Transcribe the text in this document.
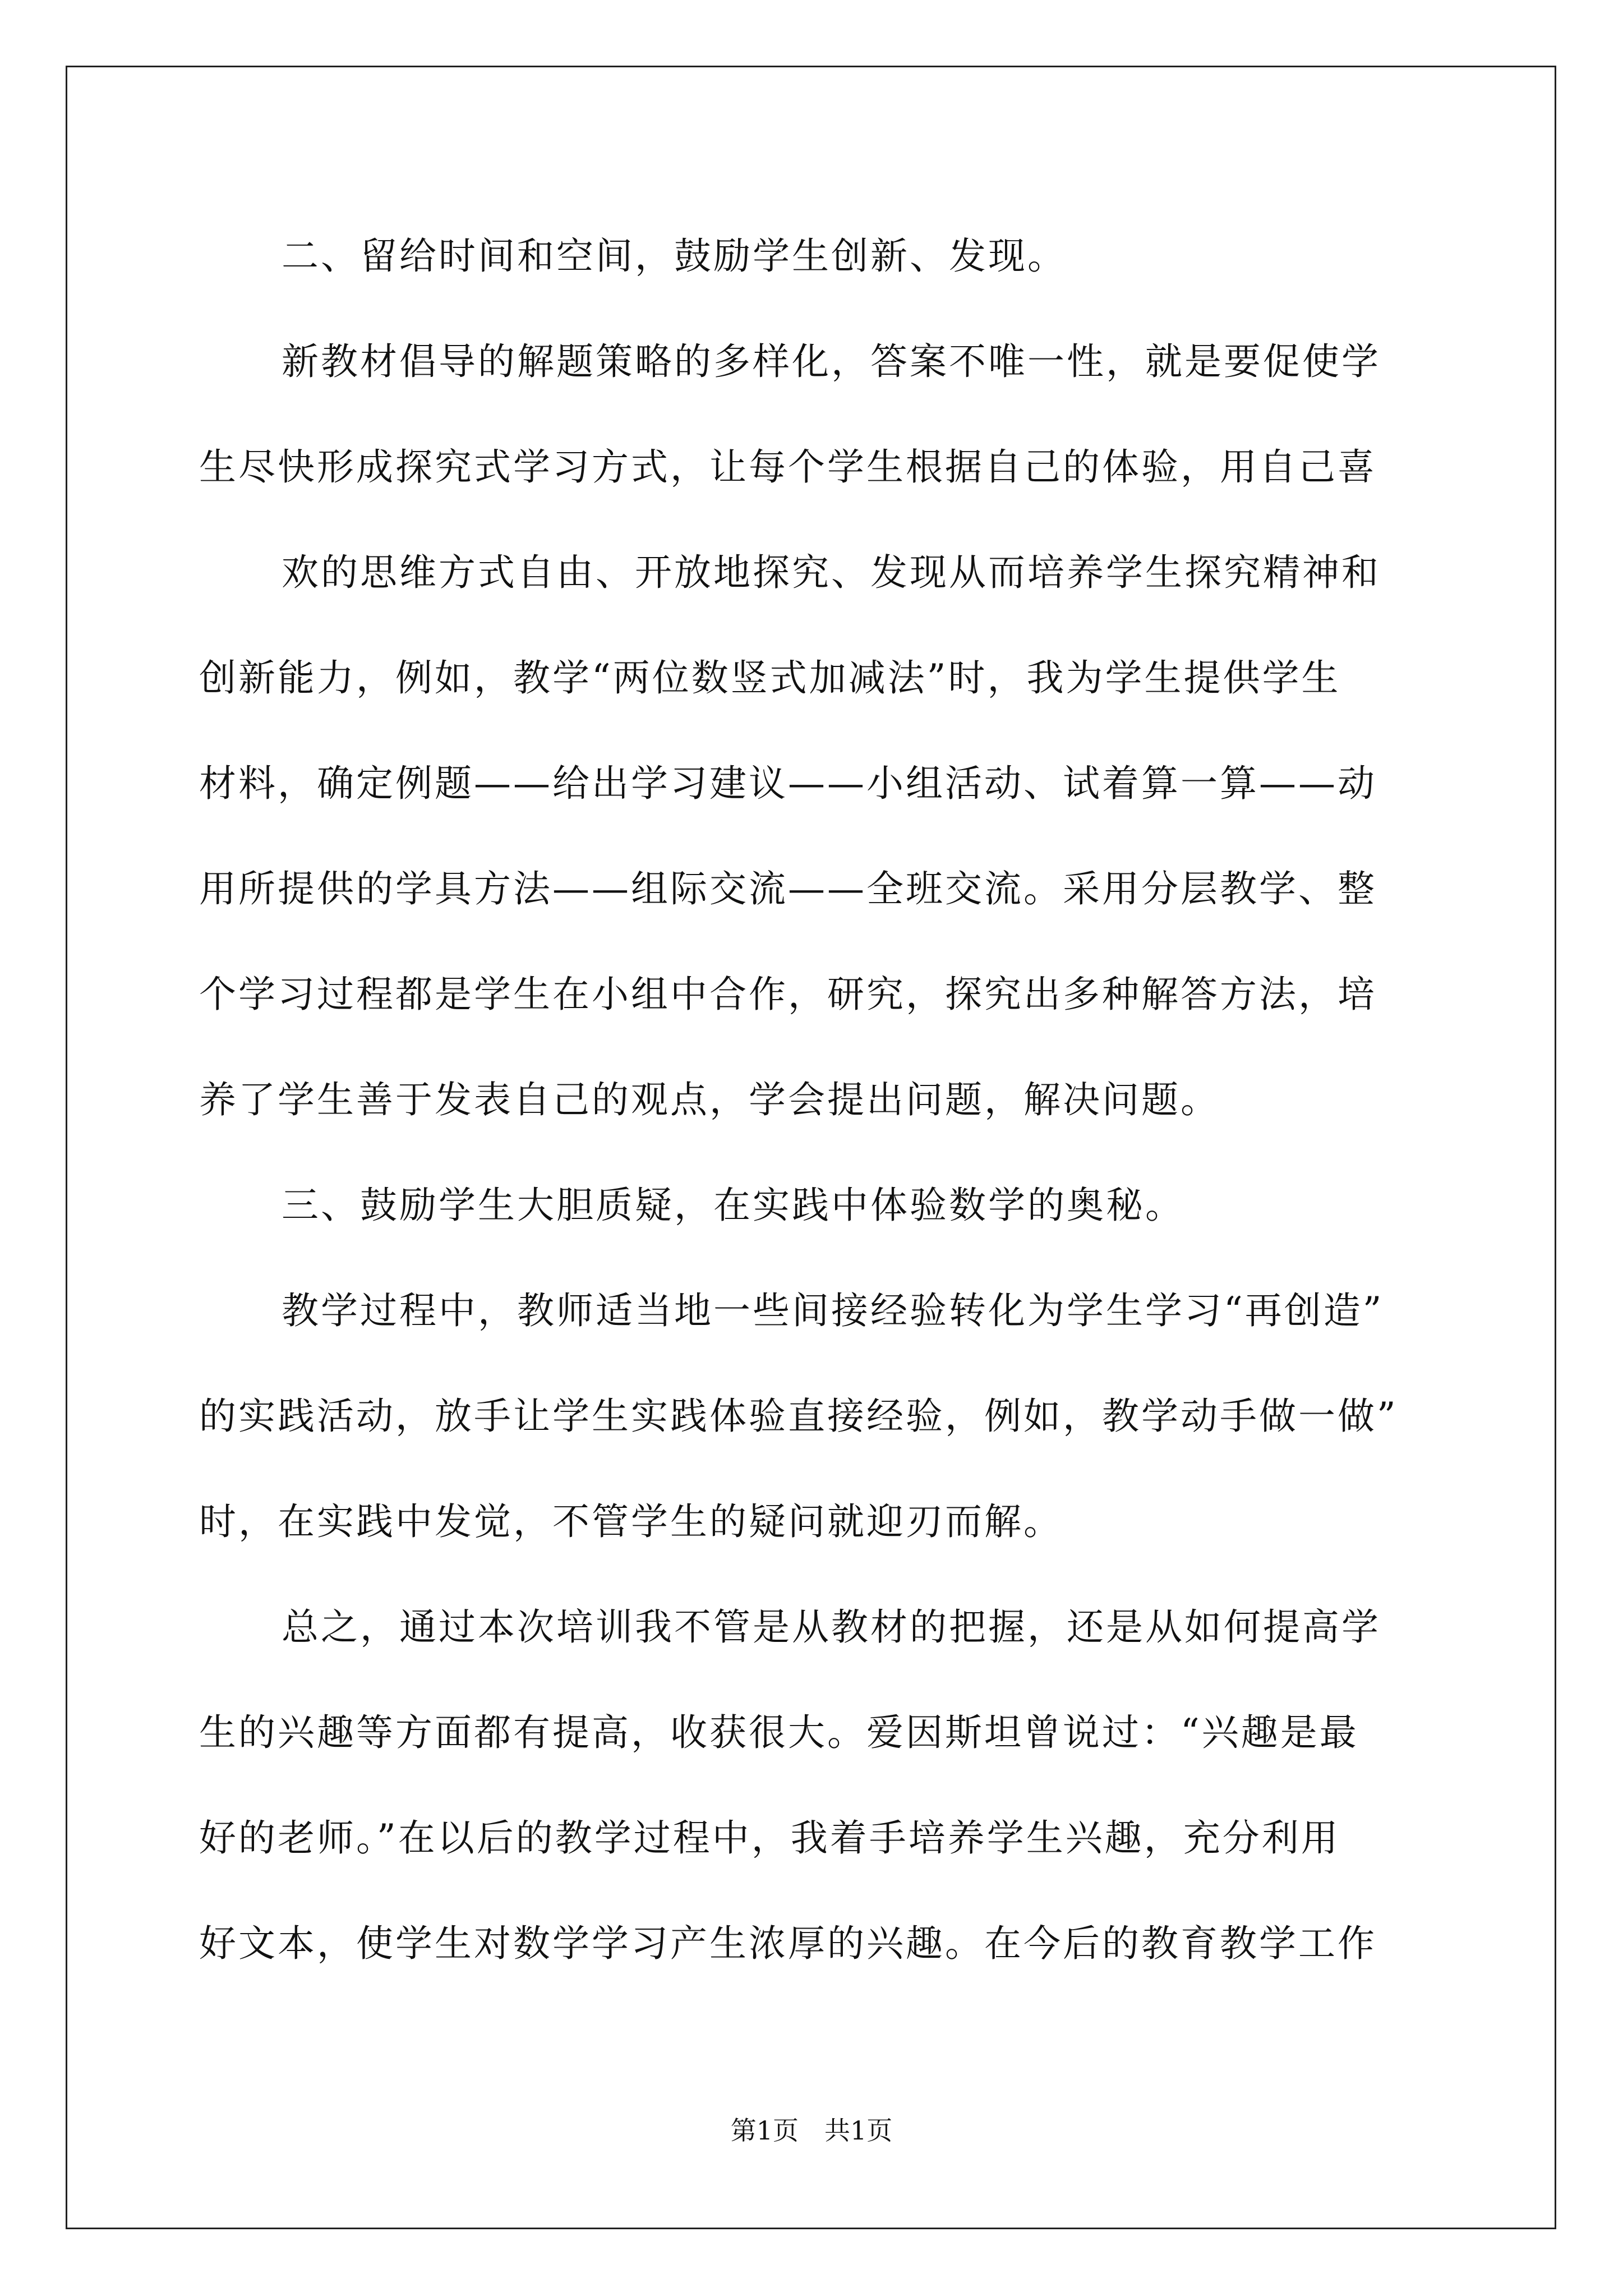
二、留给时间和空间，鼓励学生创新、发现。
新教材倡导的解题策略的多样化，答案不唯一性，就是要促使学
生尽快形成探究式学习方式，让每个学生根据自己的体验，用自己喜
欢的思维方式自由、开放地探究、发现从而培养学生探究精神和
创新能力，例如，教学“两位数竖式加减法”时，我为学生提供学生
材料，确定例题——给出学习建议——小组活动、试着算一算——动
用所提供的学具方法——组际交流——全班交流。采用分层教学、整
个学习过程都是学生在小组中合作，研究，探究出多种解答方法，培
养了学生善于发表自己的观点，学会提出问题，解决问题。
三、鼓励学生大胆质疑，在实践中体验数学的奥秘。
教学过程中，教师适当地一些间接经验转化为学生学习“再创造”
的实践活动，放手让学生实践体验直接经验，例如，教学动手做一做”
时，在实践中发觉，不管学生的疑问就迎刃而解。
总之，通过本次培训我不管是从教材的把握，还是从如何提高学
生的兴趣等方面都有提高，收获很大。爱因斯坦曾说过：“兴趣是最
好的老师。”在以后的教学过程中，我着手培养学生兴趣，充分利用
好文本，使学生对数学学习产生浓厚的兴趣。在今后的教育教学工作
第1页　共1页
